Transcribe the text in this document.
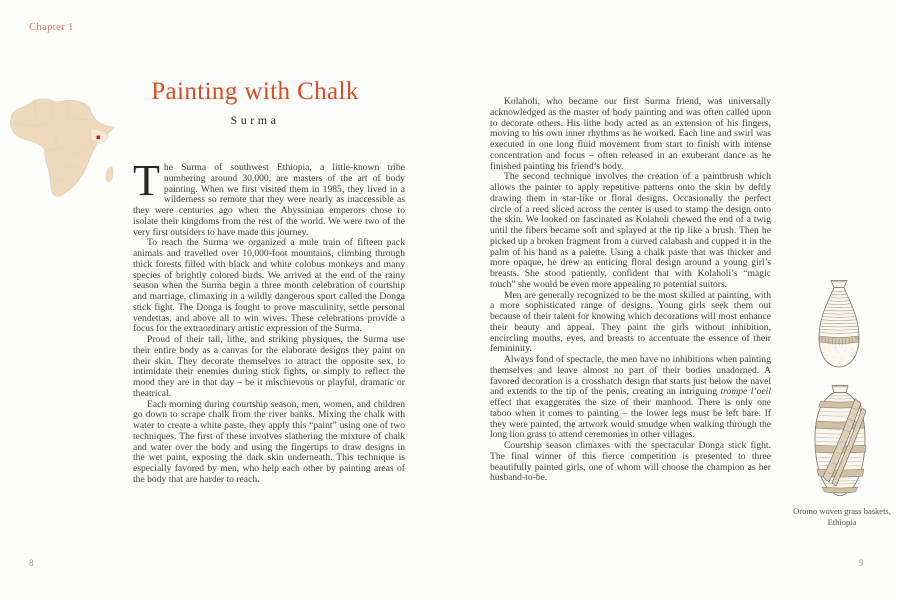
Chapter 1
Painting with Chalk
Surma

The Surma of southwest Ethiopia, a little-known tribe numbering around 30,000, are masters of the art of body painting. When we first visited them in 1985, they lived in a wilderness so remote that they were nearly as inaccessible as they were centuries ago when the Abyssinian emperors chose to isolate their kingdoms from the rest of the world. We were two of the very first outsiders to have made this journey.

To reach the Surma we organized a mule train of fifteen pack animals and travelled over 10,000-foot mountains, climbing through thick forests filled with black and white colobus monkeys and many species of brightly colored birds. We arrived at the end of the rainy season when the Surma begin a three month celebration of courtship and marriage, climaxing in a wildly dangerous sport called the Donga stick fight. The Donga is fought to prove masculinity, settle personal vendettas, and above all to win wives. These celebrations provide a focus for the extraordinary artistic expression of the Surma.

Proud of their tall, lithe, and striking physiques, the Surma use their entire body as a canvas for the elaborate designs they paint on their skin. They decorate themselves to attract the opposite sex, to intimidate their enemies during stick fights, or simply to reflect the mood they are in that day – be it mischievous or playful, dramatic or theatrical.

Each morning during courtship season, men, women, and children go down to scrape chalk from the river banks. Mixing the chalk with water to create a white paste, they apply this “paint” using one of two techniques. The first of these involves slathering the mixture of chalk and water over the body and using the fingertips to draw designs in the wet paint, exposing the dark skin underneath. This technique is especially favored by men, who help each other by painting areas of the body that are harder to reach.

8

Kolaholi, who became our first Surma friend, was universally acknowledged as the master of body painting and was often called upon to decorate others. His lithe body acted as an extension of his fingers, moving to his own inner rhythms as he worked. Each line and swirl was executed in one long fluid movement from start to finish with intense concentration and focus – often released in an exuberant dance as he finished painting his friend’s body.

The second technique involves the creation of a paintbrush which allows the painter to apply repetitive patterns onto the skin by deftly drawing them in star-like or floral designs. Occasionally the perfect circle of a reed sliced across the center is used to stamp the design onto the skin. We looked on fascinated as Kolaholi chewed the end of a twig until the fibers became soft and splayed at the tip like a brush. Then he picked up a broken fragment from a curved calabash and cupped it in the palm of his hand as a palette. Using a chalk paste that was thicker and more opaque, he drew an enticing floral design around a young girl’s breasts. She stood patiently, confident that with Kolaholi’s “magic touch” she would be even more appealing to potential suitors.

Men are generally recognized to be the most skilled at painting, with a more sophisticated range of designs. Young girls seek them out because of their talent for knowing which decorations will most enhance their beauty and appeal. They paint the girls without inhibition, encircling mouths, eyes, and breasts to accentuate the essence of their femininity.

Always fond of spectacle, the men have no inhibitions when painting themselves and leave almost no part of their bodies unadorned. A favored decoration is a crosshatch design that starts just below the navel and extends to the tip of the penis, creating an intriguing trompe l’oeil effect that exaggerates the size of their manhood. There is only one taboo when it comes to painting – the lower legs must be left bare. If they were painted, the artwork would smudge when walking through the long lion grass to attend ceremonies in other villages.

Courtship season climaxes with the spectacular Donga stick fight. The final winner of this fierce competition is presented to three beautifully painted girls, one of whom will choose the champion as her husband-to-be.

Oromo woven grass baskets, Ethiopia
9
